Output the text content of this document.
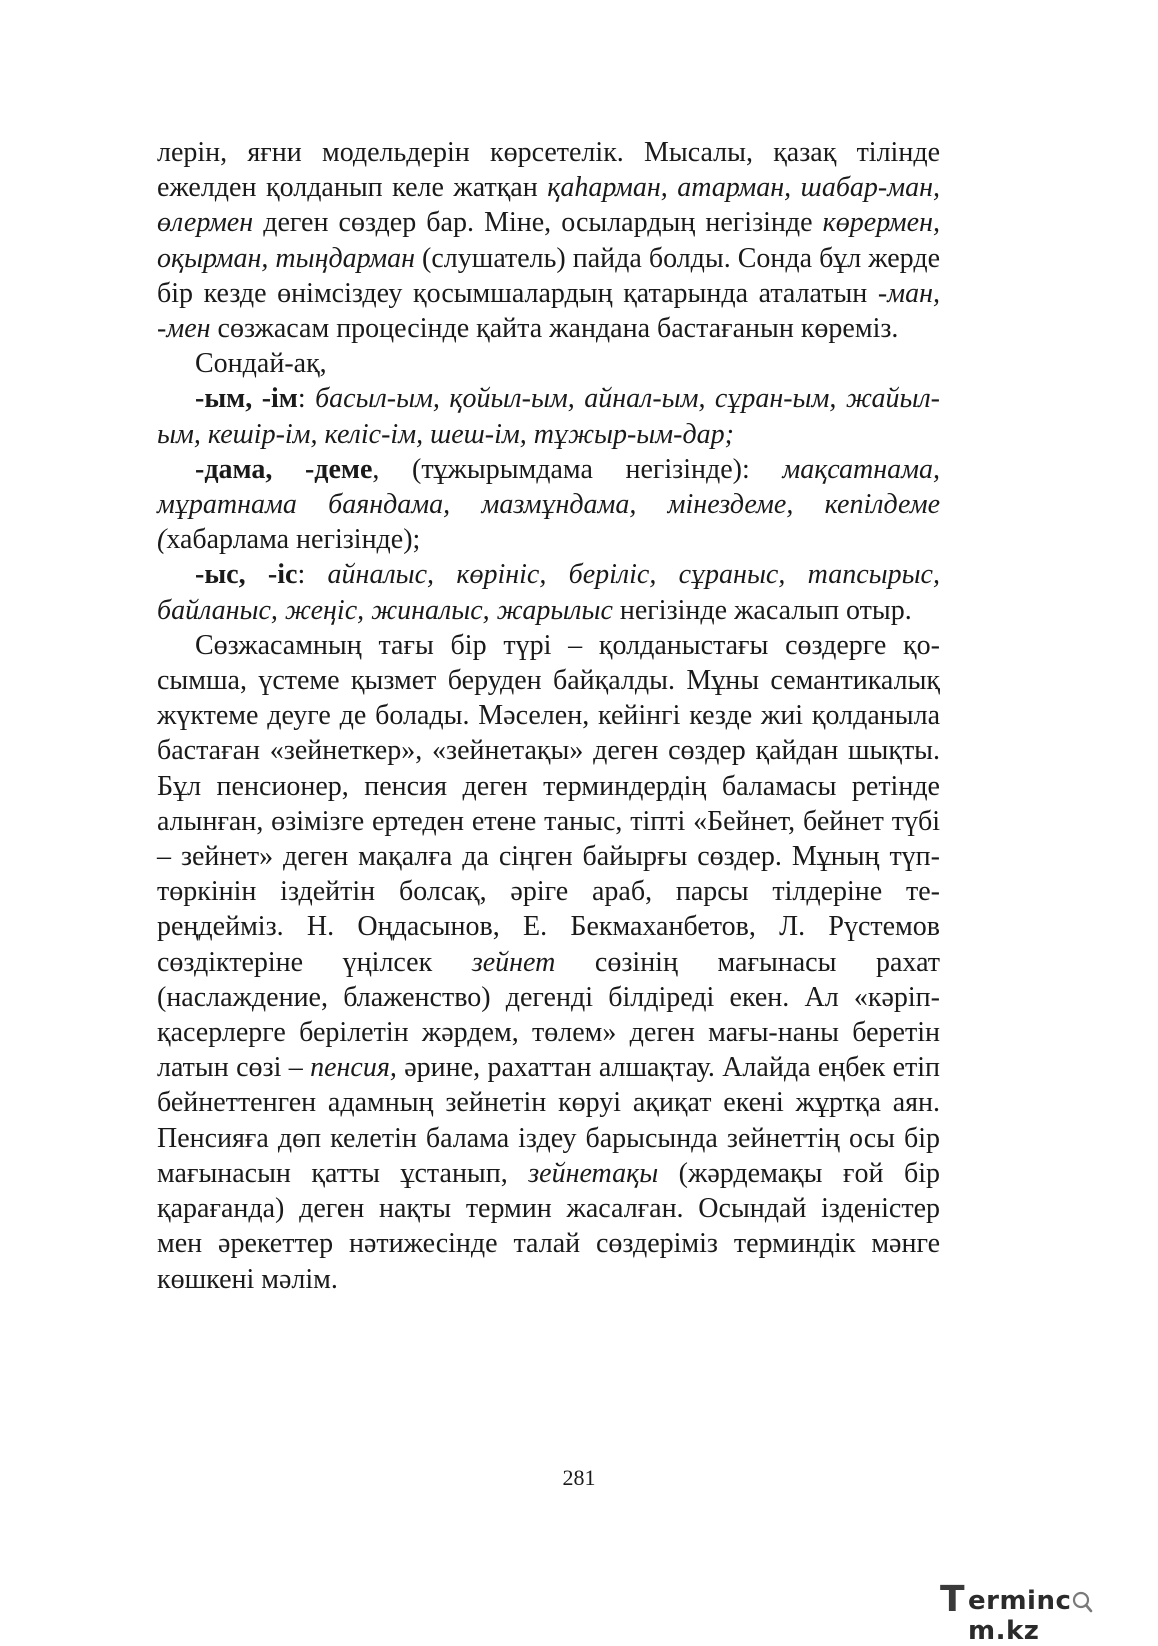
лерін, яғни модельдерін көрсетелік. Мысалы, қазақ тілінде ежелден қолданып келе жатқан қаһарман, атарман, шабар-ман, өлермен деген сөздер бар. Міне, осылардың негізінде көрермен, оқырман, тыңдарман (слушатель) пайда болды. Сонда бұл жерде бір кезде өнімсіздеу қосымшалардың қатарында аталатын -ман, -мен сөзжасам процесінде қайта жандана бастағанын көреміз.

Сондай-ақ,

-ым, -ім: басыл-ым, қойыл-ым, айнал-ым, сұран-ым, жайыл-ым, кешір-ім, келіс-ім, шеш-ім, тұжыр-ым-дар;

-дама, -деме, (тұжырымдама негізінде): мақсатнама, мұратнама баяндама, мазмұндама, мінездеме, кепілдеме (хабарлама негізінде);

-ыс, -іс: айналыс, көрініс, беріліс, сұраныс, тапсырыс, байланыс, жеңіс, жиналыс, жарылыс негізінде жасалып отыр.

Сөзжасамның тағы бір түрі – қолданыстағы сөздерге қо-сымша, үстеме қызмет беруден байқалды. Мұны семантикалық жүктеме деуге де болады. Мәселен, кейінгі кезде жиі қолданыла бастаған «зейнеткер», «зейнетақы» деген сөздер қайдан шықты. Бұл пенсионер, пенсия деген терминдердің баламасы ретінде алынған, өзімізге ертеден етене таныс, тіпті «Бейнет, бейнет түбі – зейнет» деген мақалға да сіңген байырғы сөздер. Мұның түп-төркінін іздейтін болсақ, әріге араб, парсы тілдеріне те-реңдейміз. Н. Оңдасынов, Е. Бекмаханбетов, Л. Рүстемов сөздіктеріне үңілсек зейнет сөзінің мағынасы рахат (наслаждение, блаженство) дегенді білдіреді екен. Ал «кәріп-қасерлерге берілетін жәрдем, төлем» деген мағы-наны беретін латын сөзі – пенсия, әрине, рахаттан алшақтау. Алайда еңбек етіп бейнеттенген адамның зейнетін көруі ақиқат екені жұртқа аян. Пенсияға дөп келетін балама іздеу барысында зейнеттің осы бір мағынасын қатты ұстанып, зейнетақы (жәрдемақы ғой бір қарағанда) деген нақты термин жасалған. Осындай ізденістер мен әрекеттер нәтижесінде талай сөздеріміз терминдік мәнге көшкені мәлім.

281
T erminc
m.kz
